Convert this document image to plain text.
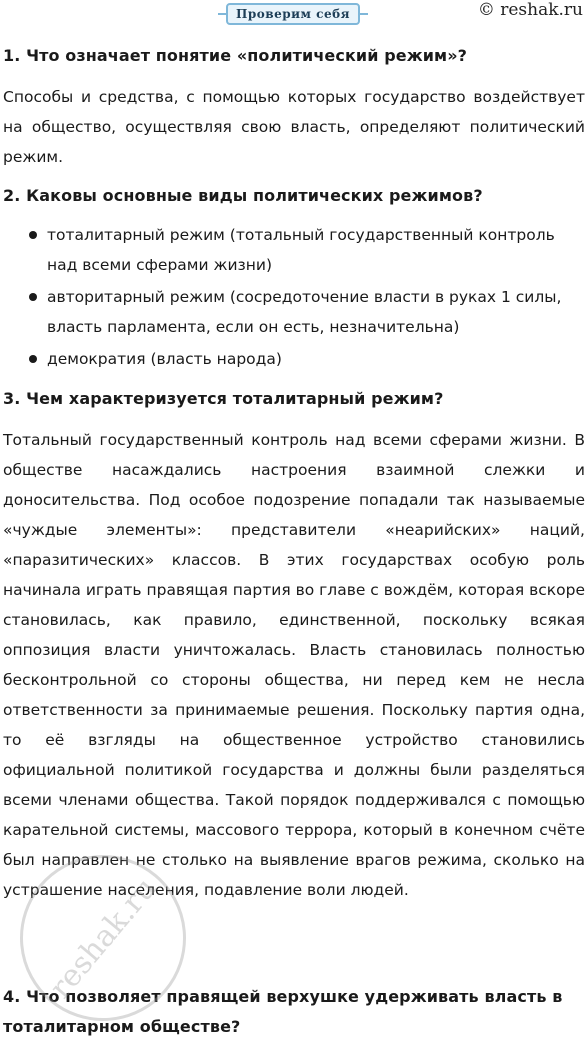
Проверим себя	© reshak.ru

1. Что означает понятие «политический режим»?

Способы и средства, с помощью которых государство воздействует на общество, осуществляя свою власть, определяют политический режим.

2. Каковы основные виды политических режимов?

тоталитарный режим (тотальный государственный контроль над всеми сферами жизни)
авторитарный режим (сосредоточение власти в руках 1 силы, власть парламента, если он есть, незначительна)
демократия (власть народа)

3. Чем характеризуется тоталитарный режим?

Тотальный государственный контроль над всеми сферами жизни. В обществе насаждались настроения взаимной слежки и доносительства. Под особое подозрение попадали так называемые «чуждые элементы»: представители «неарийских» наций, «паразитических» классов. В этих государствах особую роль начинала играть правящая партия во главе с вождём, которая вскоре становилась, как правило, единственной, поскольку всякая оппозиция власти уничтожалась. Власть становилась полностью бесконтрольной со стороны общества, ни перед кем не несла ответственности за принимаемые решения. Поскольку партия одна, то её взгляды на общественное устройство становились официальной политикой государства и должны были разделяться всеми членами общества. Такой порядок поддерживался с помощью карательной системы, массового террора, который в конечном счёте был направлен не столько на выявление врагов режима, сколько на устрашение населения, подавление воли людей.

4. Что позволяет правящей верхушке удерживать власть в тоталитарном обществе?

reshak.ru
